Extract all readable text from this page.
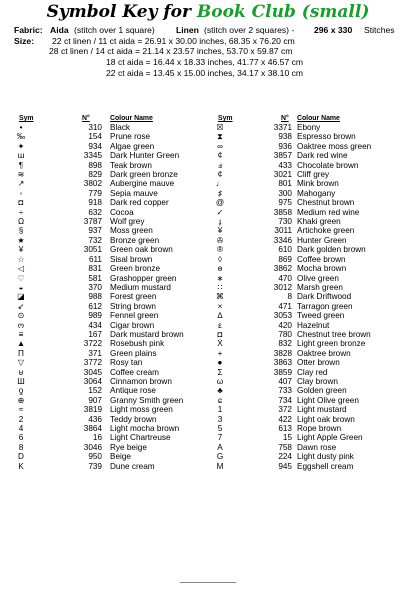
Symbol Key for Book Club (small)
Fabric: Aida (stitch over 1 square) Linen (stitch over 2 squares) - 296 x 330 Stitches
Size: 22 ct linen / 11 ct aida = 26.91 x 30.00 inches, 68.35 x 76.20 cm
28 ct linen / 14 ct aida = 21.14 x 23.57 inches, 53.70 x 59.87 cm
18 ct aida = 16.44 x 18.33 inches, 41.77 x 46.57 cm
22 ct aida = 13.45 x 15.00 inches, 34.17 x 38.10 cm
Sym	N°	Colour Name	Sym	N° Colour Name
•	310 Black	☒	3371 Ebony
‰	154 Prune rose	⧗	938 Espresso brown
✦	934 Algae green	∞	936 Oaktree moss green
ɯ	3345 Dark Hunter Green	¢	3857 Dark red wine
¶	898 Teak brown	ⅎ	433 Chocolate brown
≋	829 Dark green bronze	¢	3021 Cliff grey
↗	3802 Aubergine mauve	♩	801 Mink brown
◦	779 Sepia mauve	♯	300 Mahogany
◘	918 Dark red copper	@	975 Chestnut brown
÷	632 Cocoa	✓	3858 Medium red wine
Ω	3787 Wolf grey	ɟ	730 Khaki green
§	937 Moss green	¥	3011 Artichoke green
★	732 Bronze green	✇	3346 Hunter Green
¥	3051 Green oak brown	®	610 Dark golden brown
☆	611 Sisal brown	◊	869 Coffee brown
◁	831 Green bronze	ɵ	3862 Mocha brown
♡	581 Grashopper green	∗	470 Olive green
◒	370 Medium mustard	∷	3012 Marsh green
◪	988 Forest green	⌘	8 Dark Driftwood
↙	612 String brown	×	471 Tarragon green
⊙	989 Fennel green	∆	3053 Tweed green
ო	434 Cigar brown	ε	420 Hazelnut
≡	167 Dark mustard brown	◘	780 Chestnut tree brown
▲	3722 Rosebush pink	Ẋ	832 Light green bronze
Π	371 Green plains	+	3828 Oaktree brown
▽	3772 Rosy tan	●	3863 Otter brown
⊎	3045 Coffee cream	Σ	3859 Clay red
Ш	3064 Cinnamon brown	ω	407 Clay brown
ƍ	152 Antique rose	♣	733 Golden green
⊕	907 Granny Smith green	ɕ	734 Light Olive green
≈	3819 Light moss green	1	372 Light mustard
2	436 Teddy brown	3	422 Light oak brown
4	3864 Light mocha brown	5	613 Rope brown
6	16 Light Chartreuse	7	15 Light Apple Green
8	3046 Rye beige	A	758 Dawn rose
D	950 Beige	G	224 Light dusty pink
K	739 Dune cream	M	945 Eggshell cream
